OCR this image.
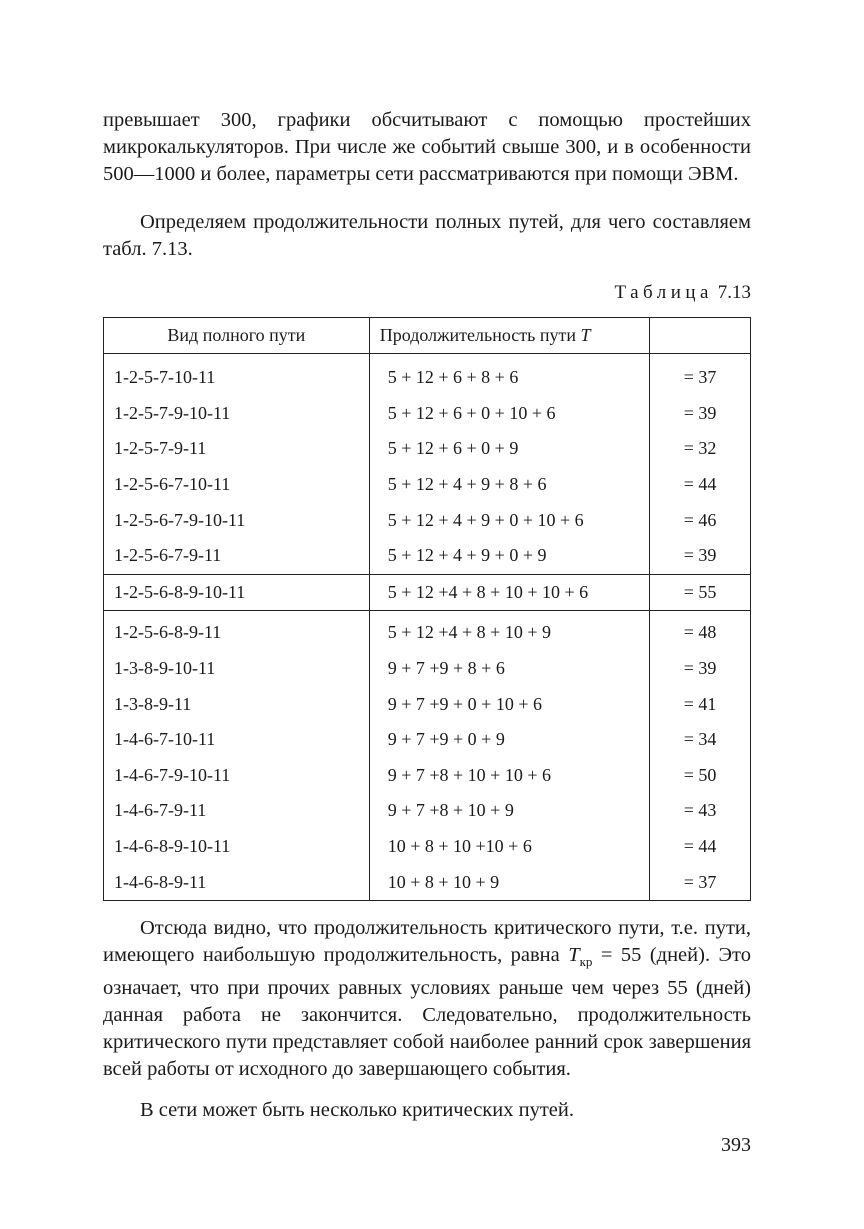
превышает 300, графики обсчитывают с помощью простейших микрокалькуляторов. При числе же событий свыше 300, и в особенности 500—1000 и более, параметры сети рассматриваются при помощи ЭВМ.

Определяем продолжительности полных путей, для чего составляем табл. 7.13.

Таблица 7.13
Вид полного пути	Продолжительность пути T	
1-2-5-7-10-11	5 + 12 + 6 + 8 + 6	= 37
1-2-5-7-9-10-11	5 + 12 + 6 + 0 + 10 + 6	= 39
1-2-5-7-9-11	5 + 12 + 6 + 0 + 9	= 32
1-2-5-6-7-10-11	5 + 12 + 4 + 9 + 8 + 6	= 44
1-2-5-6-7-9-10-11	5 + 12 + 4 + 9 + 0 + 10 + 6	= 46
1-2-5-6-7-9-11	5 + 12 + 4 + 9 + 0 + 9	= 39
1-2-5-6-8-9-10-11	5 + 12 +4 + 8 + 10 + 10 + 6	= 55
1-2-5-6-8-9-11	5 + 12 +4 + 8 + 10 + 9	= 48
1-3-8-9-10-11	9 + 7 +9 + 8 + 6	= 39
1-3-8-9-11	9 + 7 +9 + 0 + 10 + 6	= 41
1-4-6-7-10-11	9 + 7 +9 + 0 + 9	= 34
1-4-6-7-9-10-11	9 + 7 +8 + 10 + 10 + 6	= 50
1-4-6-7-9-11	9 + 7 +8 + 10 + 9	= 43
1-4-6-8-9-10-11	10 + 8 + 10 +10 + 6	= 44
1-4-6-8-9-11	10 + 8 + 10 + 9	= 37

Отсюда видно, что продолжительность критического пути, т.е. пути, имеющего наибольшую продолжительность, равна $T_{кр} = 55$ (дней). Это означает, что при прочих равных условиях раньше чем через 55 (дней) данная работа не закончится. Следовательно, продолжительность критического пути представляет собой наиболее ранний срок завершения всей работы от исходного до завершающего события.

В сети может быть несколько критических путей.

393
